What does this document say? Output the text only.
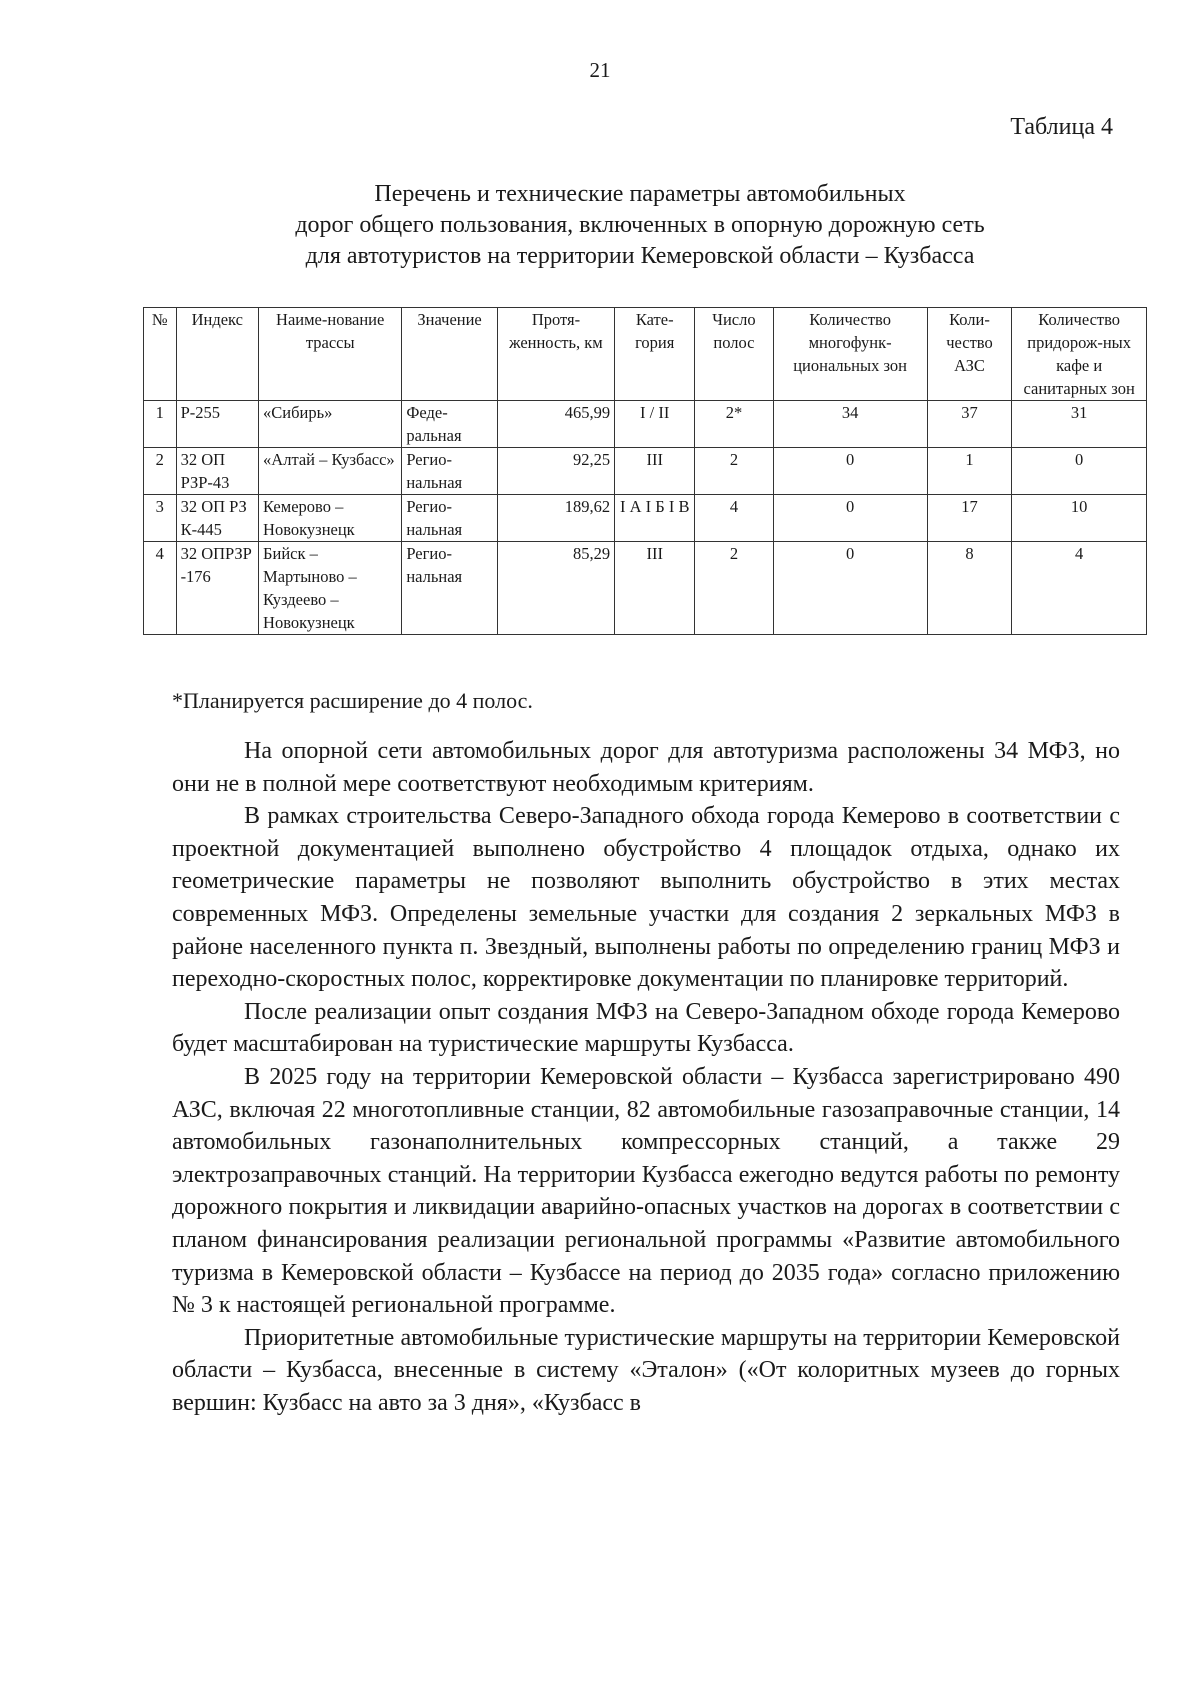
21
Таблица 4
Перечень и технические параметры автомобильных
дорог общего пользования, включенных в опорную дорожную сеть
для автотуристов на территории Кемеровской области – Кузбасса
№	Индекс	Наиме-нование трассы	Значение	Протя-женность, км	Кате-гория	Число полос	Количество многофунк-циональных зон	Коли-чество АЗС	Количество придорож-ных кафе и санитарных зон
1	Р-255	«Сибирь»	Феде-ральная	465,99	I / II	2*	34	37	31
2	32 ОП РЗР-43	«Алтай – Кузбасс»	Регио-нальная	92,25	III	2	0	1	0
3	32 ОП РЗ К-445	Кемерово – Новокузнецк	Регио-нальная	189,62	I А I Б I В	4	0	17	10
4	32 ОПРЗР -176	Бийск – Мартыново – Куздеево – Новокузнецк	Регио-нальная	85,29	III	2	0	8	4
*Планируется расширение до 4 полос.

На опорной сети автомобильных дорог для автотуризма расположены 34 МФЗ, но они не в полной мере соответствуют необходимым критериям.

В рамках строительства Северо-Западного обхода города Кемерово в соответствии с проектной документацией выполнено обустройство 4 площадок отдыха, однако их геометрические параметры не позволяют выполнить обустройство в этих местах современных МФЗ. Определены земельные участки для создания 2 зеркальных МФЗ в районе населенного пункта п. Звездный, выполнены работы по определению границ МФЗ и переходно-скоростных полос, корректировке документации по планировке территорий.

После реализации опыт создания МФЗ на Северо-Западном обходе города Кемерово будет масштабирован на туристические маршруты Кузбасса.

В 2025 году на территории Кемеровской области – Кузбасса зарегистрировано 490 АЗС, включая 22 многотопливные станции, 82 автомобильные газозаправочные станции, 14 автомобильных газонаполнительных компрессорных станций, а также 29 электрозаправочных станций. На территории Кузбасса ежегодно ведутся работы по ремонту дорожного покрытия и ликвидации аварийно-опасных участков на дорогах в соответствии с планом финансирования реализации региональной программы «Развитие автомобильного туризма в Кемеровской области – Кузбассе на период до 2035 года» согласно приложению № 3 к настоящей региональной программе.

Приоритетные автомобильные туристические маршруты на территории Кемеровской области – Кузбасса, внесенные в систему «Эталон» («От колоритных музеев до горных вершин: Кузбасс на авто за 3 дня», «Кузбасс в
